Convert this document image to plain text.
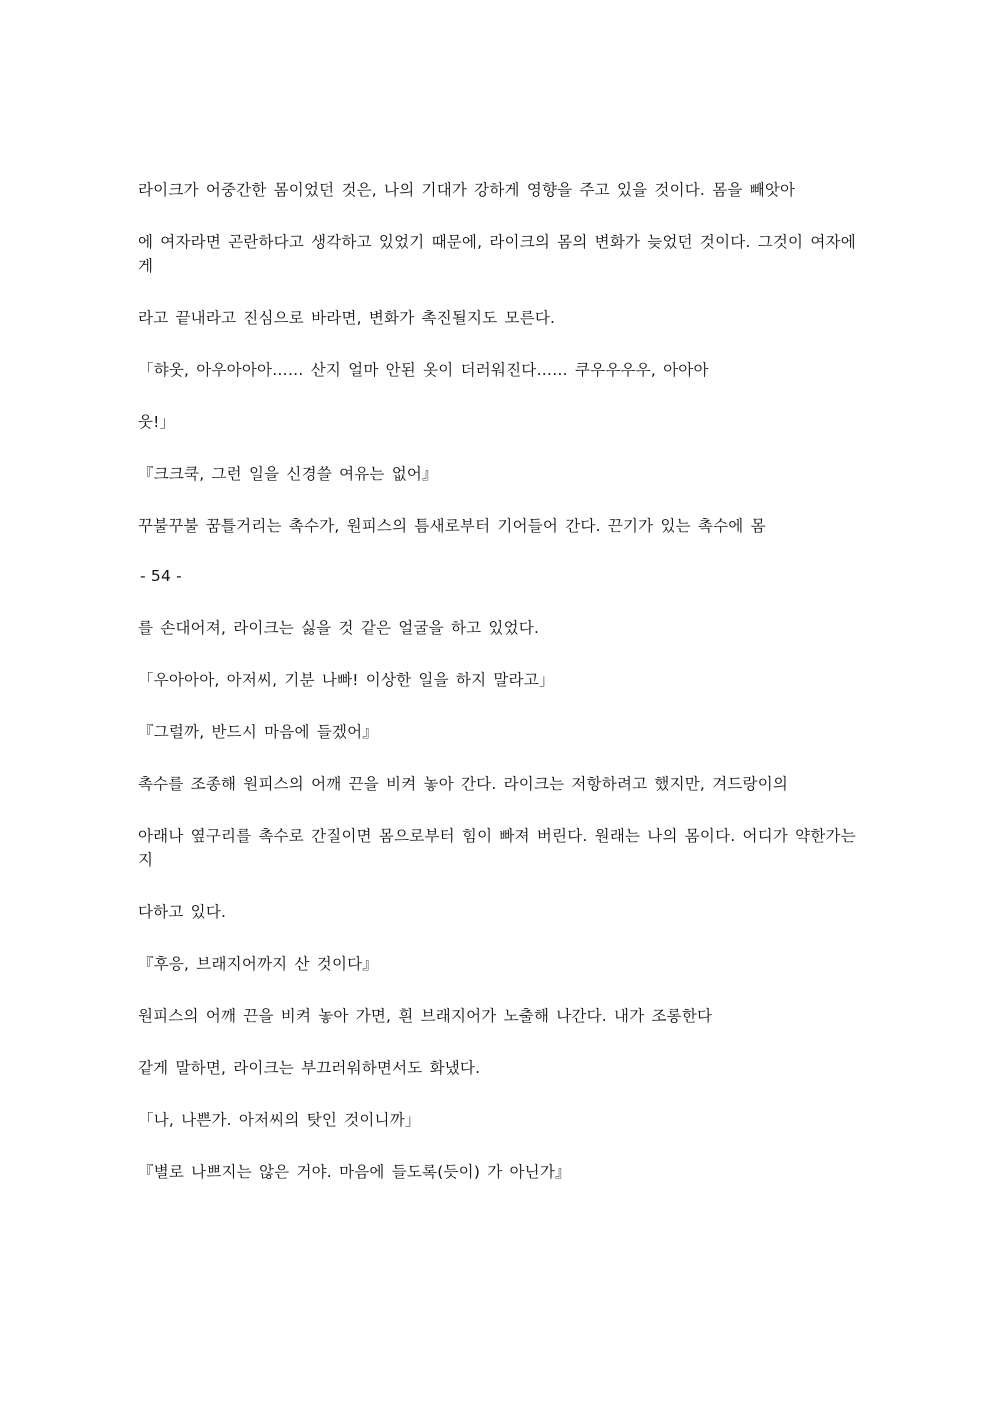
라이크가 어중간한 몸이었던 것은, 나의 기대가 강하게 영향을 주고 있을 것이다. 몸을 빼앗아

에 여자라면 곤란하다고 생각하고 있었기 때문에, 라이크의 몸의 변화가 늦었던 것이다. 그것이 여자에게

라고 끝내라고 진심으로 바라면, 변화가 촉진될지도 모른다.

「햐웃, 아우아아아…… 산지 얼마 안된 옷이 더러워진다…… 쿠우우우우, 아아아

웃!」

『크크쿡, 그런 일을 신경쓸 여유는 없어』

꾸불꾸불 꿈틀거리는 촉수가, 원피스의 틈새로부터 기어들어 간다. 끈기가 있는 촉수에 몸

- 54 -

를 손대어져, 라이크는 싫을 것 같은 얼굴을 하고 있었다.

「우아아아, 아저씨, 기분 나빠! 이상한 일을 하지 말라고」

『그럴까, 반드시 마음에 들겠어』

촉수를 조종해 원피스의 어깨 끈을 비켜 놓아 간다. 라이크는 저항하려고 했지만, 겨드랑이의

아래나 옆구리를 촉수로 간질이면 몸으로부터 힘이 빠져 버린다. 원래는 나의 몸이다. 어디가 약한가는 지

다하고 있다.

『후응, 브래지어까지 산 것이다』

원피스의 어깨 끈을 비켜 놓아 가면, 흰 브래지어가 노출해 나간다. 내가 조롱한다

같게 말하면, 라이크는 부끄러워하면서도 화냈다.

「나, 나쁜가. 아저씨의 탓인 것이니까」

『별로 나쁘지는 않은 거야. 마음에 들도록(듯이) 가 아닌가』
